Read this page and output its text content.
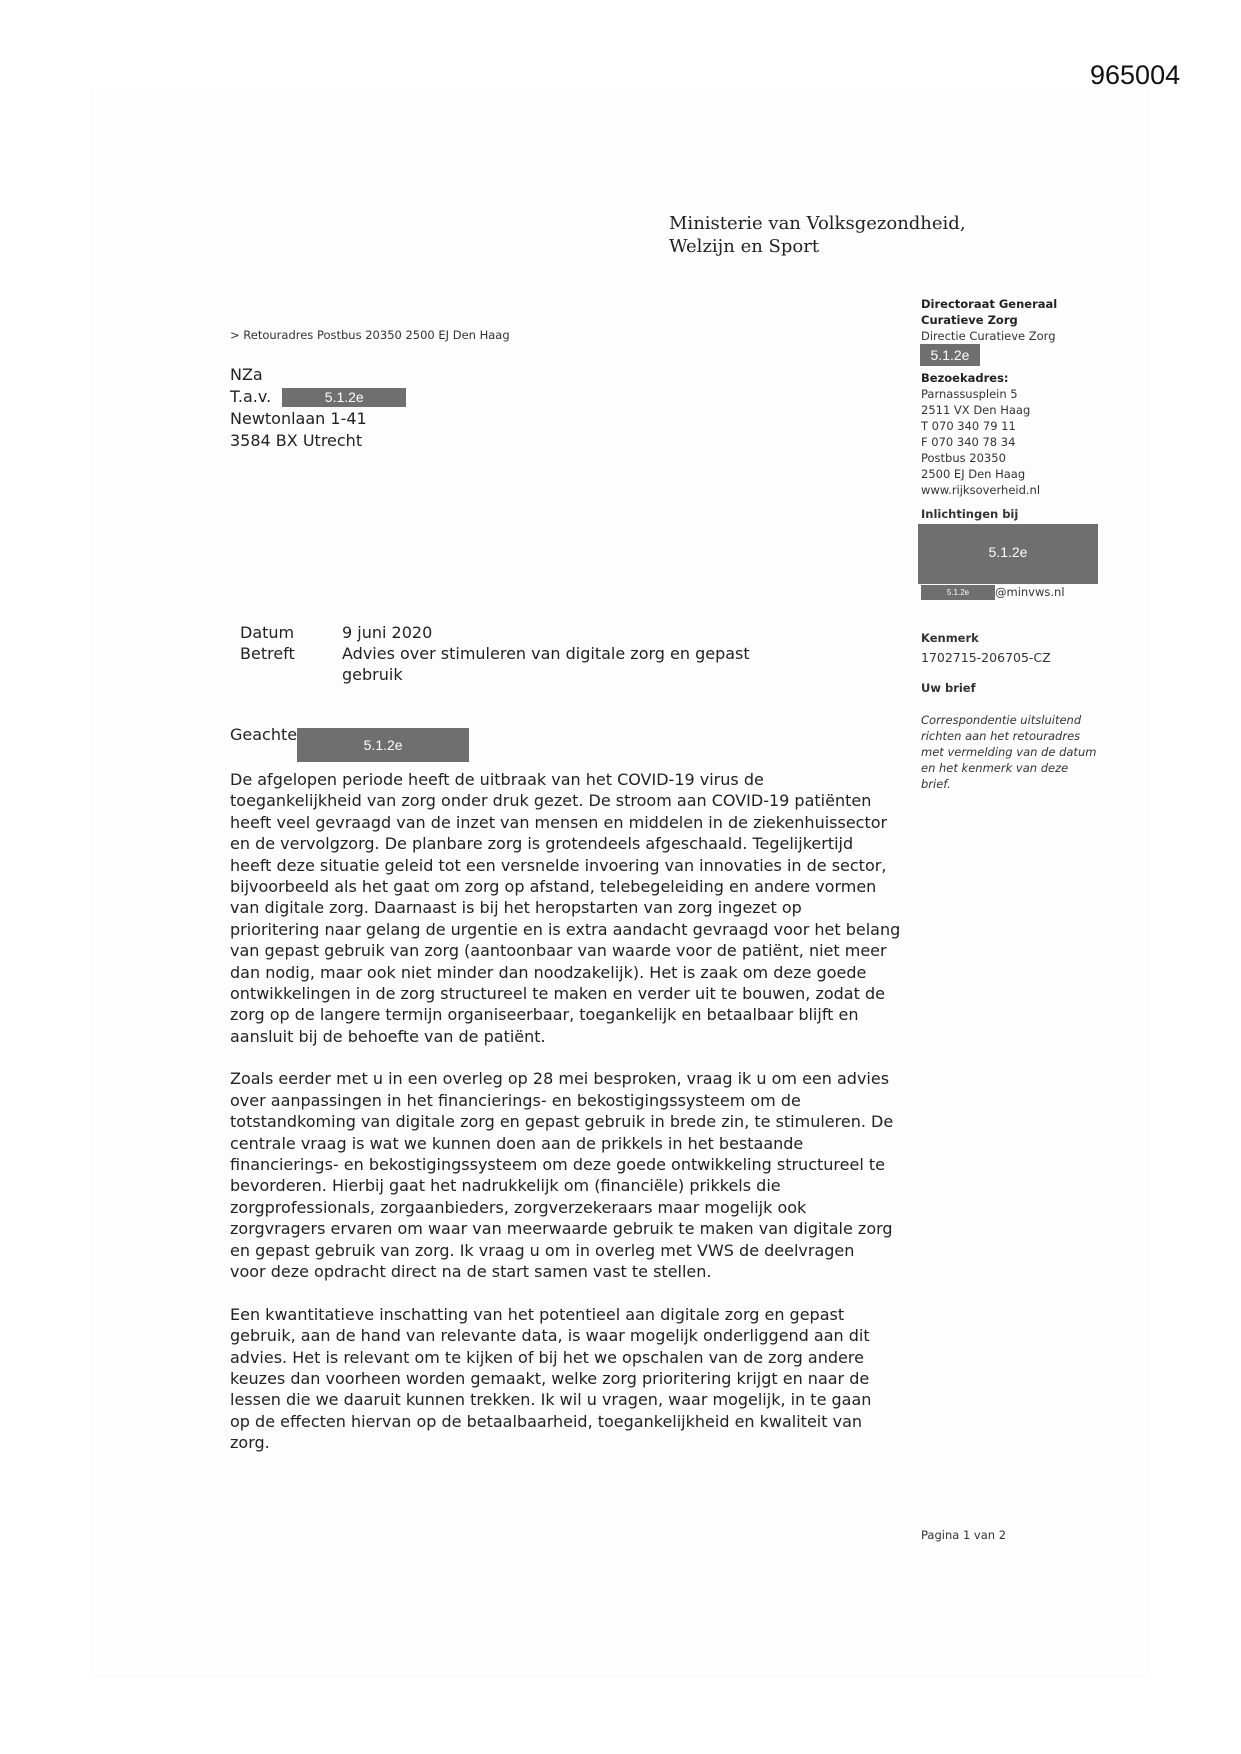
965004
Ministerie van Volksgezondheid,
Welzijn en Sport
> Retouradres Postbus 20350 2500 EJ Den Haag
NZa
T.a.v.	5.1.2e
Newtonlaan 1-41
3584 BX Utrecht
Directoraat Generaal
Curatieve Zorg
Directie Curatieve Zorg
5.1.2e
Bezoekadres:
Parnassusplein 5
2511 VX Den Haag
T 070 340 79 11
F 070 340 78 34
Postbus 20350
2500 EJ Den Haag
www.rijksoverheid.nl
Inlichtingen bij
5.1.2e
5.1.2e @minvws.nl
Kenmerk
1702715-206705-CZ
Uw brief
Correspondentie uitsluitend
richten aan het retouradres
met vermelding van de datum
en het kenmerk van deze
brief.
Datum	9 juni 2020
Betreft	Advies over stimuleren van digitale zorg en gepast
gebruik
Geachte5.1.2e
De afgelopen periode heeft de uitbraak van het COVID-19 virus de
toegankelijkheid van zorg onder druk gezet. De stroom aan COVID-19 patiënten
heeft veel gevraagd van de inzet van mensen en middelen in de ziekenhuissector
en de vervolgzorg. De planbare zorg is grotendeels afgeschaald. Tegelijkertijd
heeft deze situatie geleid tot een versnelde invoering van innovaties in de sector,
bijvoorbeeld als het gaat om zorg op afstand, telebegeleiding en andere vormen
van digitale zorg. Daarnaast is bij het heropstarten van zorg ingezet op
prioritering naar gelang de urgentie en is extra aandacht gevraagd voor het belang
van gepast gebruik van zorg (aantoonbaar van waarde voor de patiënt, niet meer
dan nodig, maar ook niet minder dan noodzakelijk). Het is zaak om deze goede
ontwikkelingen in de zorg structureel te maken en verder uit te bouwen, zodat de
zorg op de langere termijn organiseerbaar, toegankelijk en betaalbaar blijft en
aansluit bij de behoefte van de patiënt.
Zoals eerder met u in een overleg op 28 mei besproken, vraag ik u om een advies
over aanpassingen in het financierings- en bekostigingssysteem om de
totstandkoming van digitale zorg en gepast gebruik in brede zin, te stimuleren. De
centrale vraag is wat we kunnen doen aan de prikkels in het bestaande
financierings- en bekostigingssysteem om deze goede ontwikkeling structureel te
bevorderen. Hierbij gaat het nadrukkelijk om (financiële) prikkels die
zorgprofessionals, zorgaanbieders, zorgverzekeraars maar mogelijk ook
zorgvragers ervaren om waar van meerwaarde gebruik te maken van digitale zorg
en gepast gebruik van zorg. Ik vraag u om in overleg met VWS de deelvragen
voor deze opdracht direct na de start samen vast te stellen.
Een kwantitatieve inschatting van het potentieel aan digitale zorg en gepast
gebruik, aan de hand van relevante data, is waar mogelijk onderliggend aan dit
advies. Het is relevant om te kijken of bij het we opschalen van de zorg andere
keuzes dan voorheen worden gemaakt, welke zorg prioritering krijgt en naar de
lessen die we daaruit kunnen trekken. Ik wil u vragen, waar mogelijk, in te gaan
op de effecten hiervan op de betaalbaarheid, toegankelijkheid en kwaliteit van
zorg.
Pagina 1 van 2
